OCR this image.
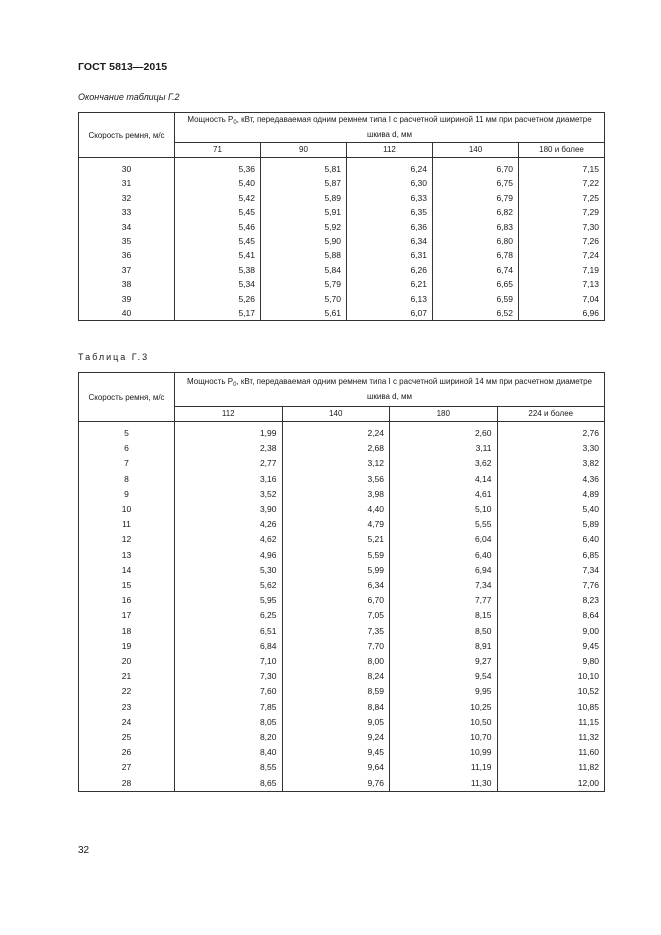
ГОСТ 5813—2015
Окончание таблицы Г.2
Скорость ремня, м/с	Мощность $P_0$, кВт, передаваемая одним ремнем типа I с расчетной шириной 11 мм при расчетном диаметре шкива d, мм				
	71	90	112	140	180 и более
30	5,36	5,81	6,24	6,70	7,15
31	5,40	5,87	6,30	6,75	7,22
32	5,42	5,89	6,33	6,79	7,25
33	5,45	5,91	6,35	6,82	7,29
34	5,46	5,92	6,36	6,83	7,30
35	5,45	5,90	6,34	6,80	7,26
36	5,41	5,88	6,31	6,78	7,24
37	5,38	5,84	6,26	6,74	7,19
38	5,34	5,79	6,21	6,65	7,13
39	5,26	5,70	6,13	6,59	7,04
40	5,17	5,61	6,07	6,52	6,96
Таблица Г.3
Скорость ремня, м/с	Мощность $P_0$, кВт, передаваемая одним ремнем типа I с расчетной шириной 14 мм при расчетном диаметре шкива d, мм			
	112	140	180	224 и более
5	1,99	2,24	2,60	2,76
6	2,38	2,68	3,11	3,30
7	2,77	3,12	3,62	3,82
8	3,16	3,56	4,14	4,36
9	3,52	3,98	4,61	4,89
10	3,90	4,40	5,10	5,40
11	4,26	4,79	5,55	5,89
12	4,62	5,21	6,04	6,40
13	4,96	5,59	6,40	6,85
14	5,30	5,99	6,94	7,34
15	5,62	6,34	7,34	7,76
16	5,95	6,70	7,77	8,23
17	6,25	7,05	8,15	8,64
18	6,51	7,35	8,50	9,00
19	6,84	7,70	8,91	9,45
20	7,10	8,00	9,27	9,80
21	7,30	8,24	9,54	10,10
22	7,60	8,59	9,95	10,52
23	7,85	8,84	10,25	10,85
24	8,05	9,05	10,50	11,15
25	8,20	9,24	10,70	11,32
26	8,40	9,45	10,99	11,60
27	8,55	9,64	11,19	11,82
28	8,65	9,76	11,30	12,00
32
